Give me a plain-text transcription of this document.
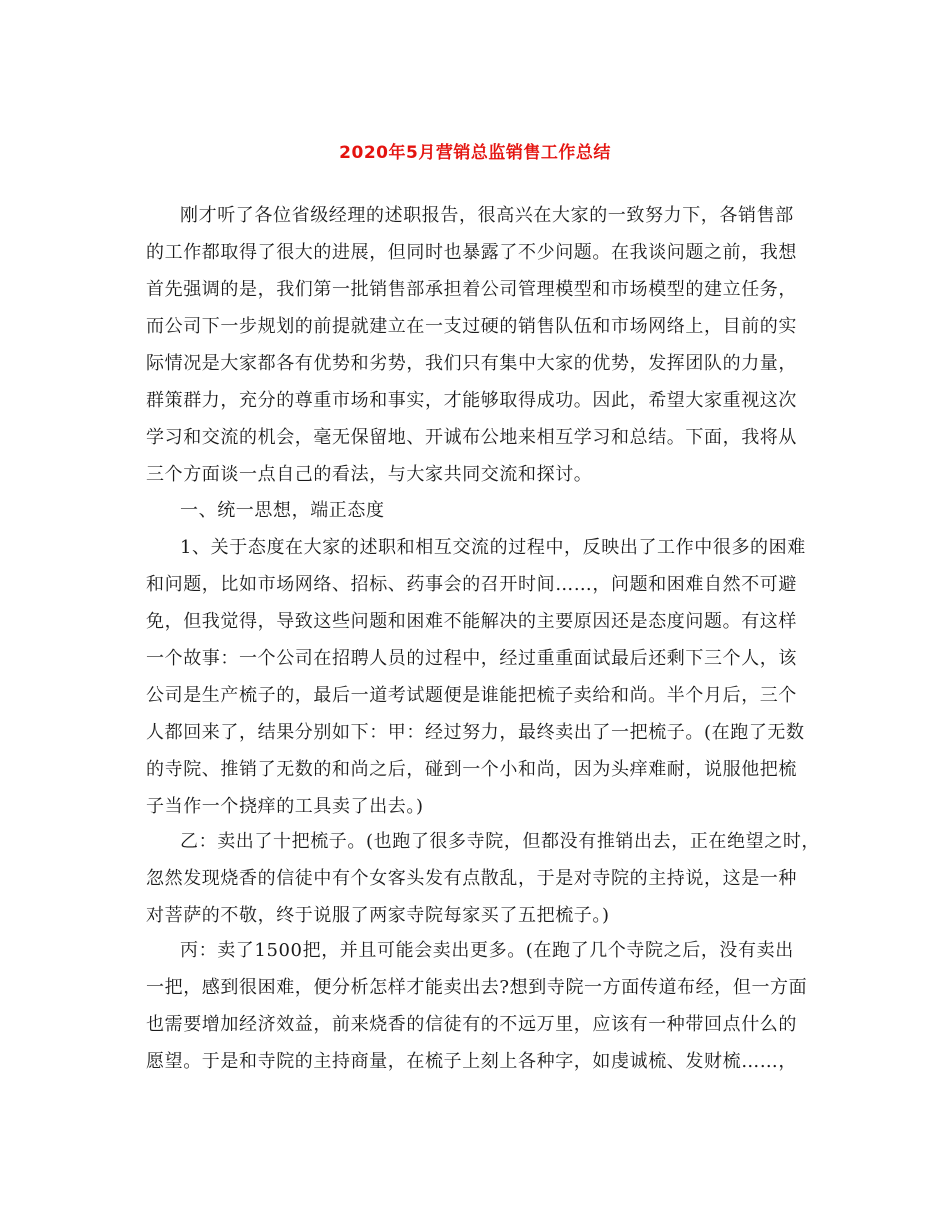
2020年5月营销总监销售工作总结
刚才听了各位省级经理的述职报告，很高兴在大家的一致努力下，各销售部
的工作都取得了很大的进展，但同时也暴露了不少问题。在我谈问题之前，我想
首先强调的是，我们第一批销售部承担着公司管理模型和市场模型的建立任务，
而公司下一步规划的前提就建立在一支过硬的销售队伍和市场网络上，目前的实
际情况是大家都各有优势和劣势，我们只有集中大家的优势，发挥团队的力量，
群策群力，充分的尊重市场和事实，才能够取得成功。因此，希望大家重视这次
学习和交流的机会，毫无保留地、开诚布公地来相互学习和总结。下面，我将从
三个方面谈一点自己的看法，与大家共同交流和探讨。
一、统一思想，端正态度
1、关于态度在大家的述职和相互交流的过程中，反映出了工作中很多的困难
和问题，比如市场网络、招标、药事会的召开时间……，问题和困难自然不可避
免，但我觉得，导致这些问题和困难不能解决的主要原因还是态度问题。有这样
一个故事：一个公司在招聘人员的过程中，经过重重面试最后还剩下三个人，该
公司是生产梳子的，最后一道考试题便是谁能把梳子卖给和尚。半个月后，三个
人都回来了，结果分别如下：甲：经过努力，最终卖出了一把梳子。(在跑了无数
的寺院、推销了无数的和尚之后，碰到一个小和尚，因为头痒难耐，说服他把梳
子当作一个挠痒的工具卖了出去。)
乙：卖出了十把梳子。(也跑了很多寺院，但都没有推销出去，正在绝望之时，
忽然发现烧香的信徒中有个女客头发有点散乱，于是对寺院的主持说，这是一种
对菩萨的不敬，终于说服了两家寺院每家买了五把梳子。)
丙：卖了1500把，并且可能会卖出更多。(在跑了几个寺院之后，没有卖出
一把，感到很困难，便分析怎样才能卖出去?想到寺院一方面传道布经，但一方面
也需要增加经济效益，前来烧香的信徒有的不远万里，应该有一种带回点什么的
愿望。于是和寺院的主持商量，在梳子上刻上各种字，如虔诚梳、发财梳……，
